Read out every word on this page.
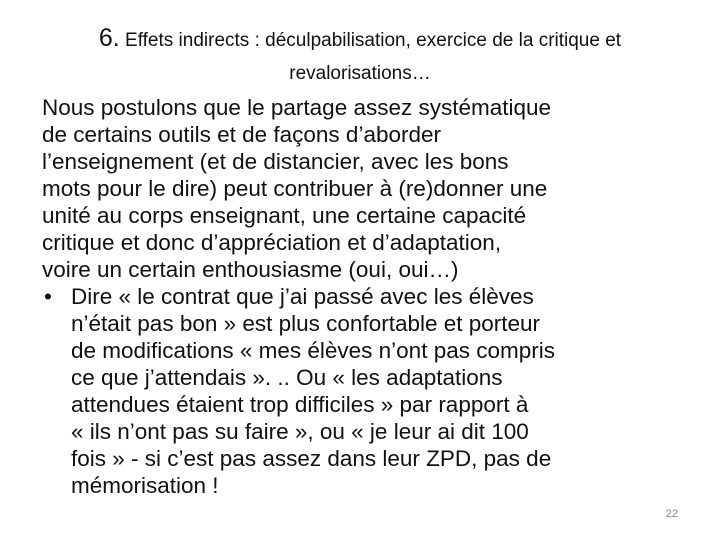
6. Effets indirects : déculpabilisation, exercice de la critique et
revalorisations…
Nous postulons que le partage assez systématique
de certains outils et de façons d’aborder
l’enseignement (et de distancier, avec les bons
mots pour le dire) peut contribuer à (re)donner une
unité au corps enseignant, une certaine capacité
critique et donc d’appréciation et d’adaptation,
voire un certain enthousiasme (oui, oui…)
• Dire « le contrat que j’ai passé avec les élèves
n’était pas bon » est plus confortable et porteur
de modifications « mes élèves n’ont pas compris
ce que j’attendais ». .. Ou « les adaptations
attendues étaient trop difficiles » par rapport à
« ils n’ont pas su faire », ou « je leur ai dit 100
fois » - si c’est pas assez dans leur ZPD, pas de
mémorisation !
22
